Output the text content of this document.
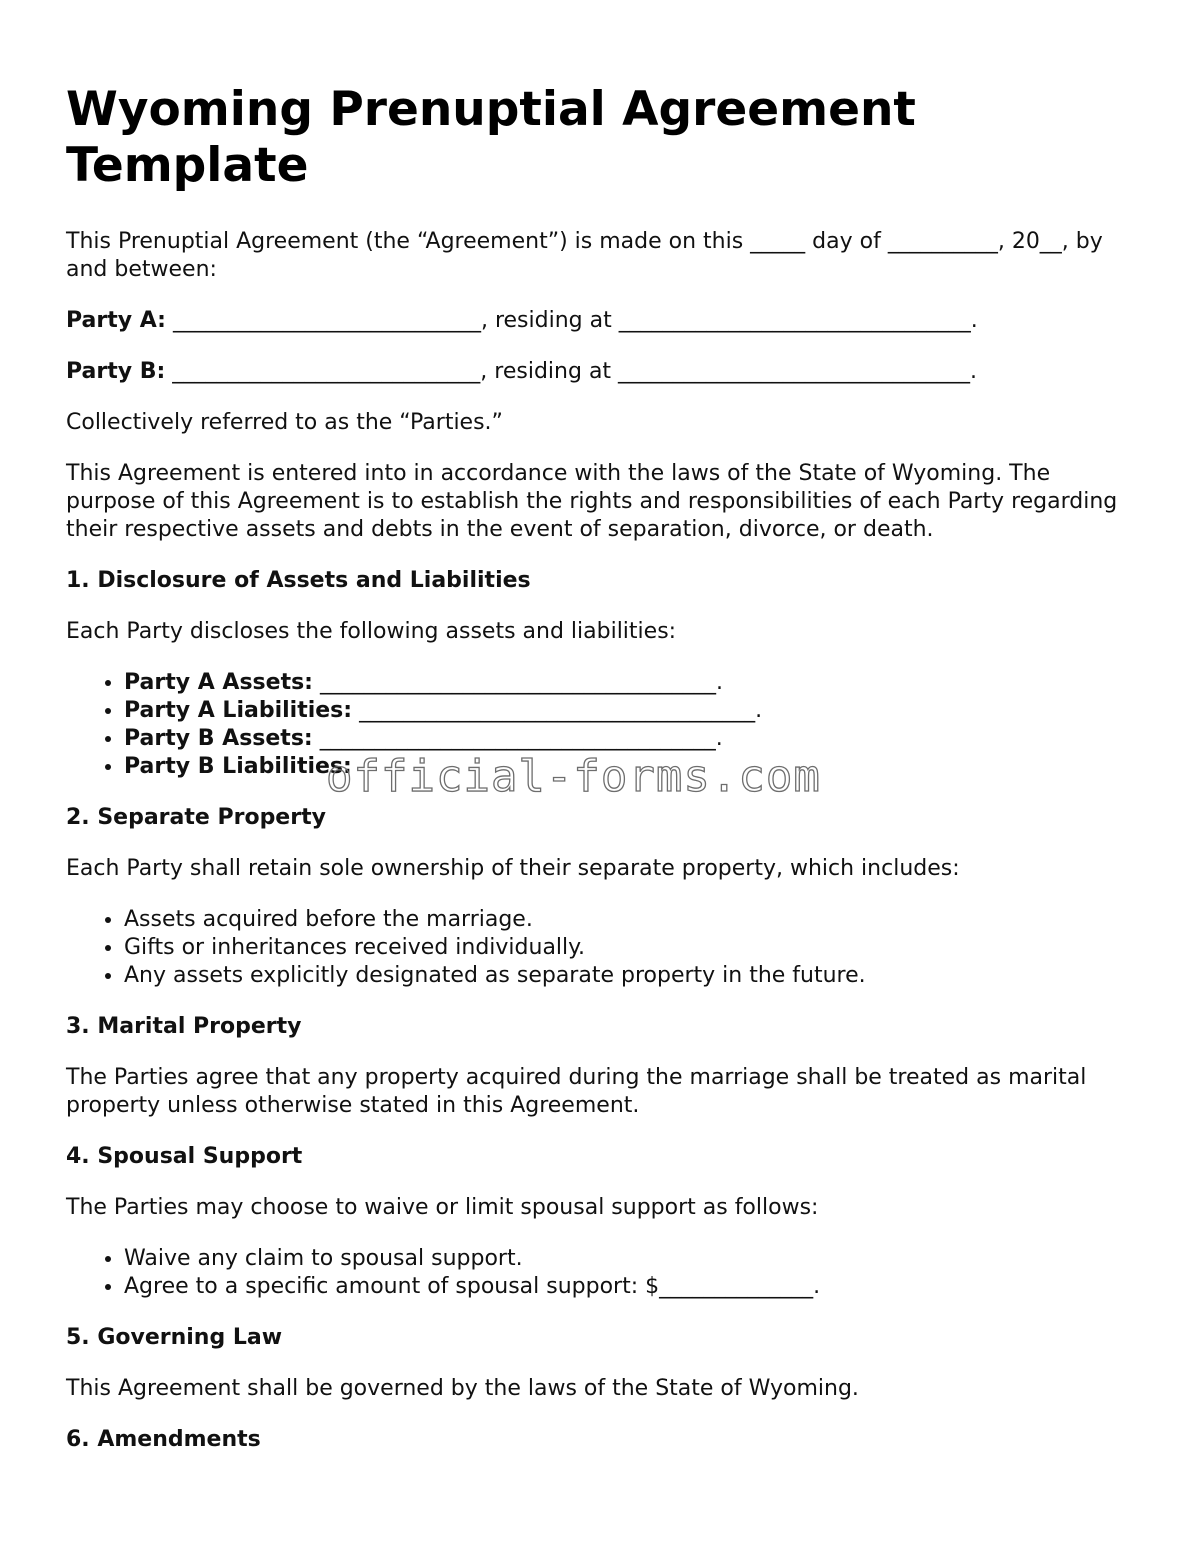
Wyoming Prenuptial Agreement Template

This Prenuptial Agreement (the “Agreement”) is made on this _____ day of __________, 20__, by and between:

Party A: ____________________________, residing at ________________________________.

Party B: ____________________________, residing at ________________________________.

Collectively referred to as the “Parties.”

This Agreement is entered into in accordance with the laws of the State of Wyoming. The purpose of this Agreement is to establish the rights and responsibilities of each Party regarding their respective assets and debts in the event of separation, divorce, or death.

1. Disclosure of Assets and Liabilities

Each Party discloses the following assets and liabilities:

• Party A Assets: ____________________________________.
• Party A Liabilities: ____________________________________.
• Party B Assets: ____________________________________.
• Party B Liabilities:
2. Separate Property

Each Party shall retain sole ownership of their separate property, which includes:

• Assets acquired before the marriage.
• Gifts or inheritances received individually.
• Any assets explicitly designated as separate property in the future.
3. Marital Property

The Parties agree that any property acquired during the marriage shall be treated as marital property unless otherwise stated in this Agreement.

4. Spousal Support

The Parties may choose to waive or limit spousal support as follows:

• Waive any claim to spousal support.
• Agree to a specific amount of spousal support: $______________.
5. Governing Law

This Agreement shall be governed by the laws of the State of Wyoming.

6. Amendments
official-forms.com
